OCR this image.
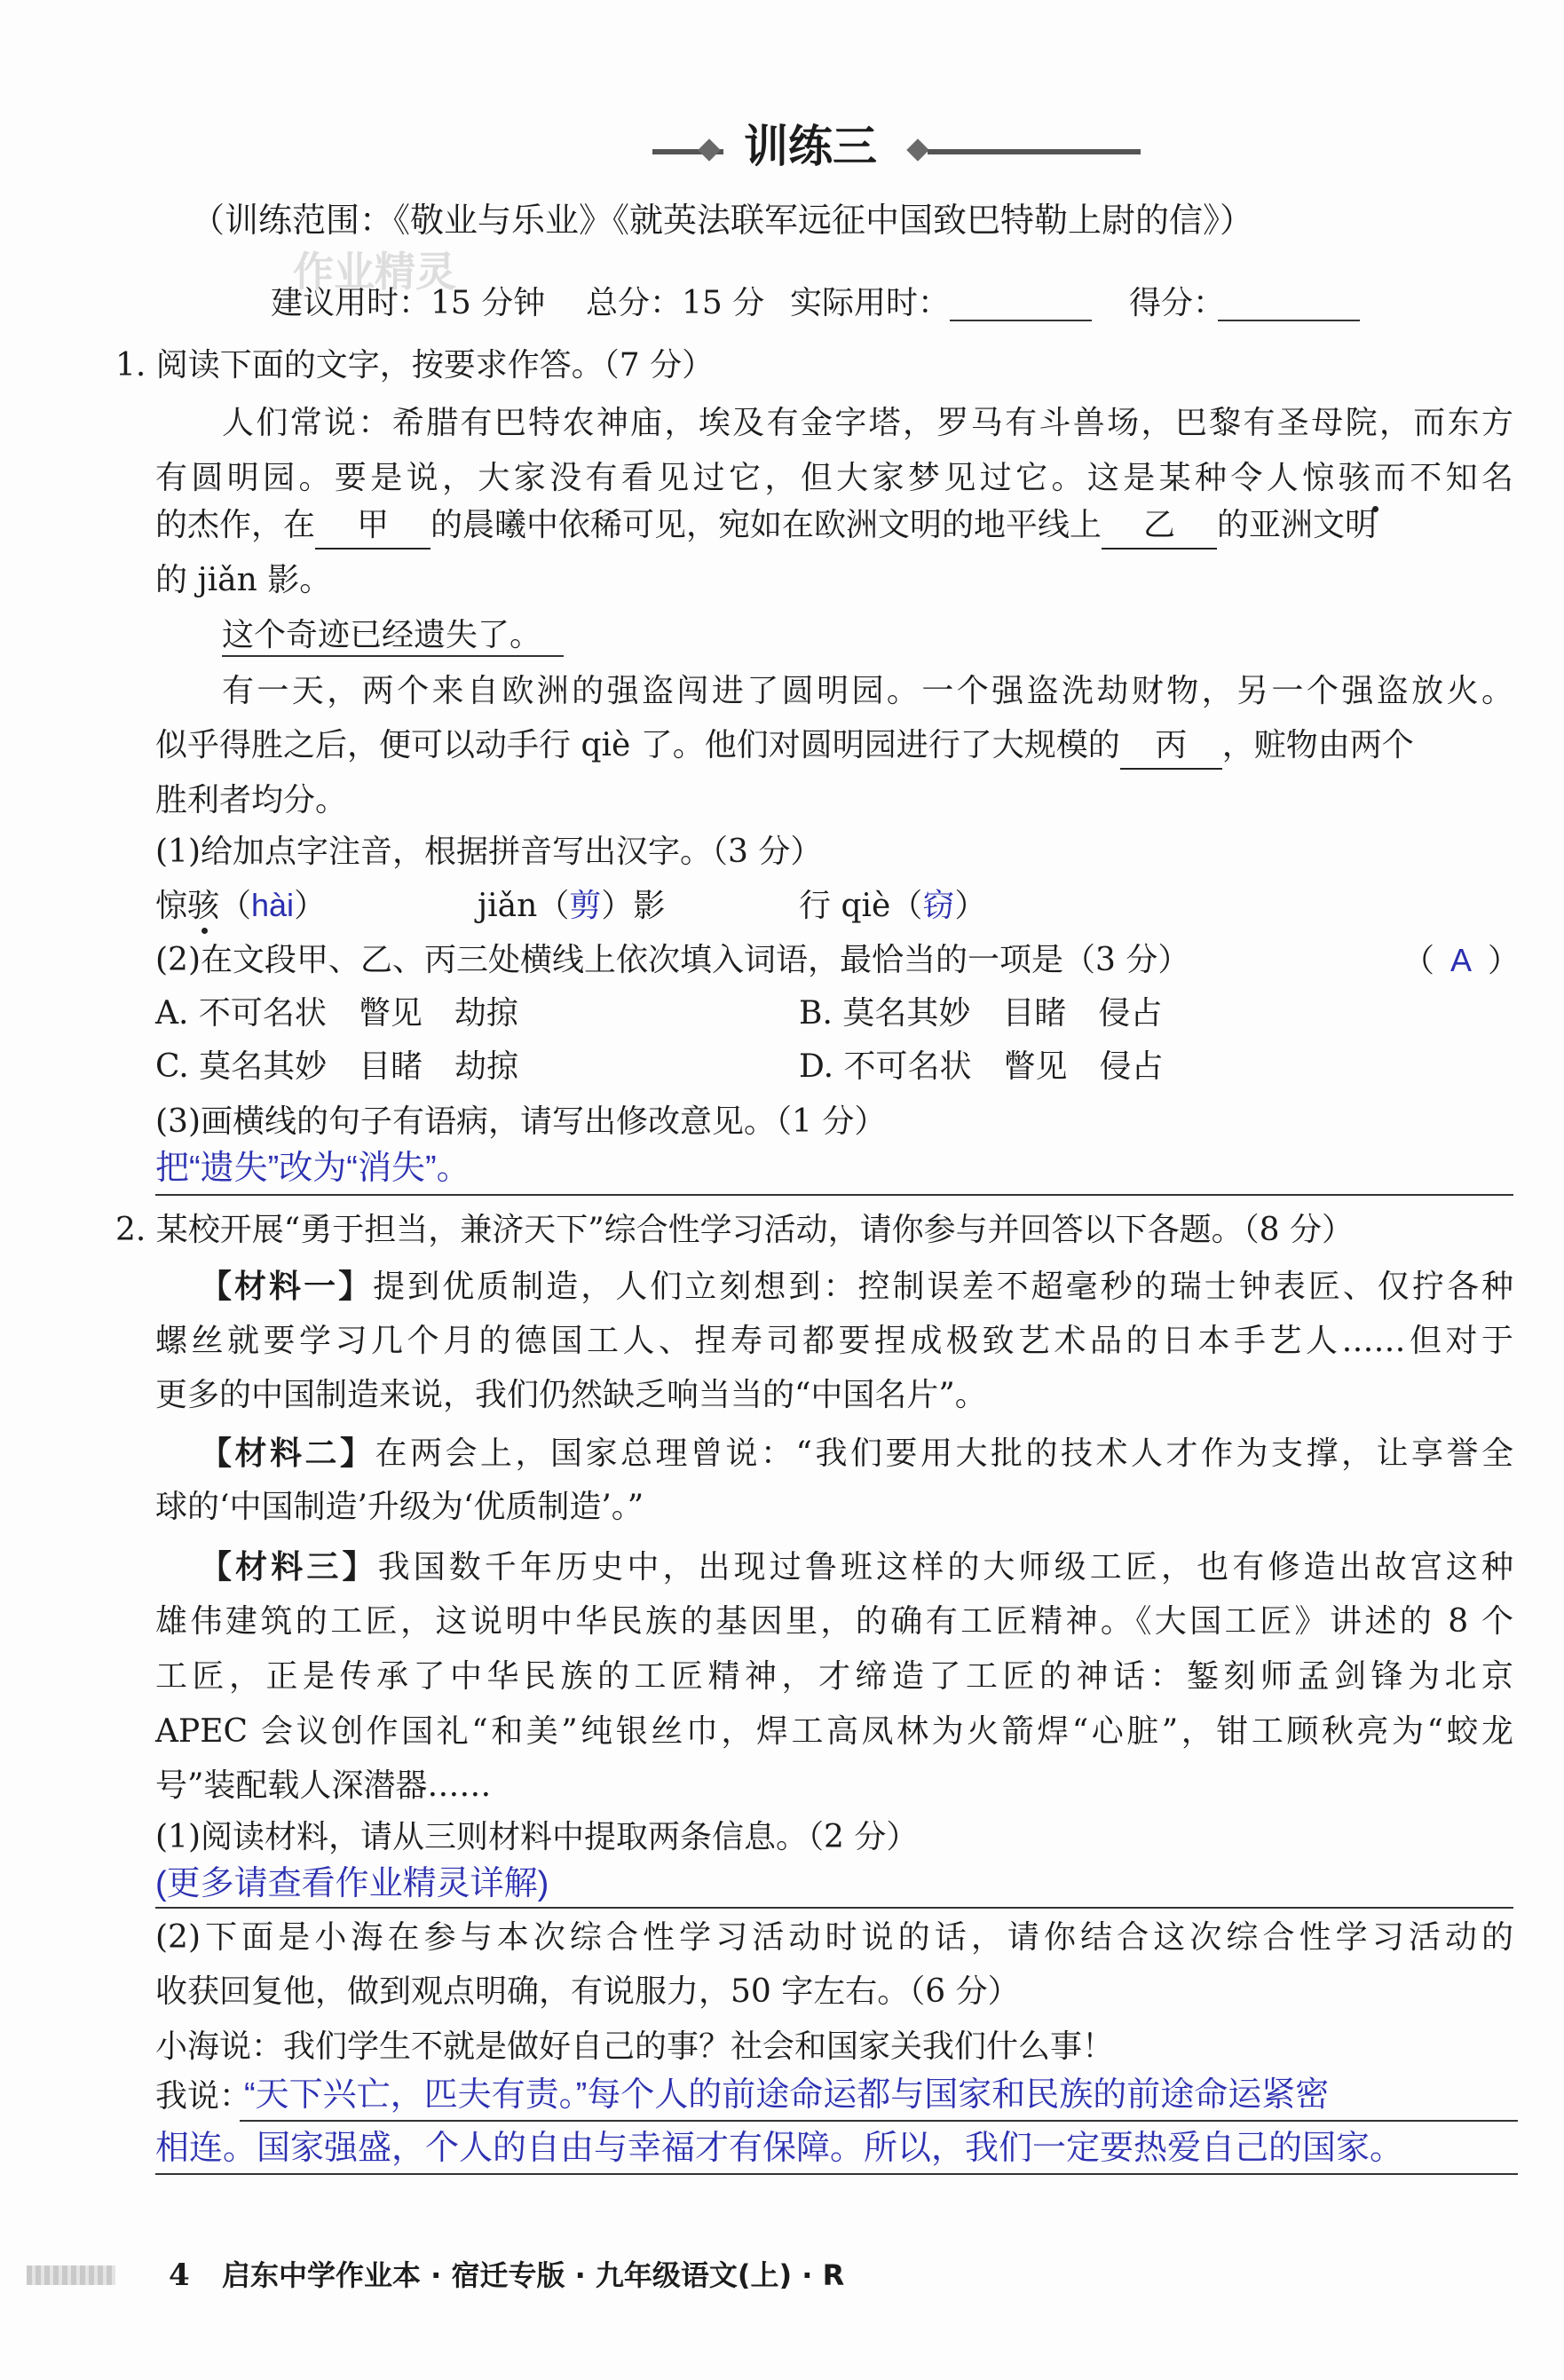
训练三
（训练范围：《敬业与乐业》《就英法联军远征中国致巴特勒上尉的信》）
作业精灵
建议用时：15 分钟 总分：15 分 实际用时：	得分：
1. 阅读下面的文字，按要求作答。（7 分）
人们常说：希腊有巴特农神庙，埃及有金字塔，罗马有斗兽场，巴黎有圣母院，而东方
有圆明园。要是说，大家没有看见过它，但大家梦见过它。这是某种令人惊骇而不知名
的杰作，在 甲 的晨曦中依稀可见，宛如在欧洲文明的地平线上 乙 的亚洲文明
的 jiǎn 影。
这个奇迹已经遗失了。
有一天，两个来自欧洲的强盗闯进了圆明园。一个强盗洗劫财物，另一个强盗放火。
似乎得胜之后，便可以动手行 qiè 了。他们对圆明园进行了大规模的 丙 ，赃物由两个
胜利者均分。
(1)给加点字注音，根据拼音写出汉字。（3 分）
惊骇（hài）	jiǎn（剪）影	行 qiè（窃）
(2)在文段甲、乙、丙三处横线上依次填入词语，最恰当的一项是（3 分）	（ A ）
A. 不可名状　瞥见　劫掠	B. 莫名其妙　目睹　侵占
C. 莫名其妙　目睹　劫掠	D. 不可名状　瞥见　侵占
(3)画横线的句子有语病，请写出修改意见。（1 分）
把“遗失”改为“消失”。
2. 某校开展“勇于担当，兼济天下”综合性学习活动，请你参与并回答以下各题。（8 分）
【材料一】提到优质制造，人们立刻想到：控制误差不超毫秒的瑞士钟表匠、仅拧各种
螺丝就要学习几个月的德国工人、捏寿司都要捏成极致艺术品的日本手艺人……但对于
更多的中国制造来说，我们仍然缺乏响当当的“中国名片”。
【材料二】在两会上，国家总理曾说：“我们要用大批的技术人才作为支撑，让享誉全
球的‘中国制造’升级为‘优质制造’。”
【材料三】我国数千年历史中，出现过鲁班这样的大师级工匠，也有修造出故宫这种
雄伟建筑的工匠，这说明中华民族的基因里，的确有工匠精神。《大国工匠》讲述的 8 个
工匠，正是传承了中华民族的工匠精神，才缔造了工匠的神话：錾刻师孟剑锋为北京
APEC 会议创作国礼“和美”纯银丝巾，焊工高凤林为火箭焊“心脏”，钳工顾秋亮为“蛟龙
号”装配载人深潜器……
(1)阅读材料，请从三则材料中提取两条信息。（2 分）
(更多请查看作业精灵详解)
(2)下面是小海在参与本次综合性学习活动时说的话，请你结合这次综合性学习活动的
收获回复他，做到观点明确，有说服力，50 字左右。（6 分）
小海说：我们学生不就是做好自己的事？社会和国家关我们什么事！
我说：
“天下兴亡，匹夫有责。”每个人的前途命运都与国家和民族的前途命运紧密
相连。国家强盛，个人的自由与幸福才有保障。所以，我们一定要热爱自己的国家。
4 启东中学作业本 · 宿迁专版 · 九年级语文(上) · R
